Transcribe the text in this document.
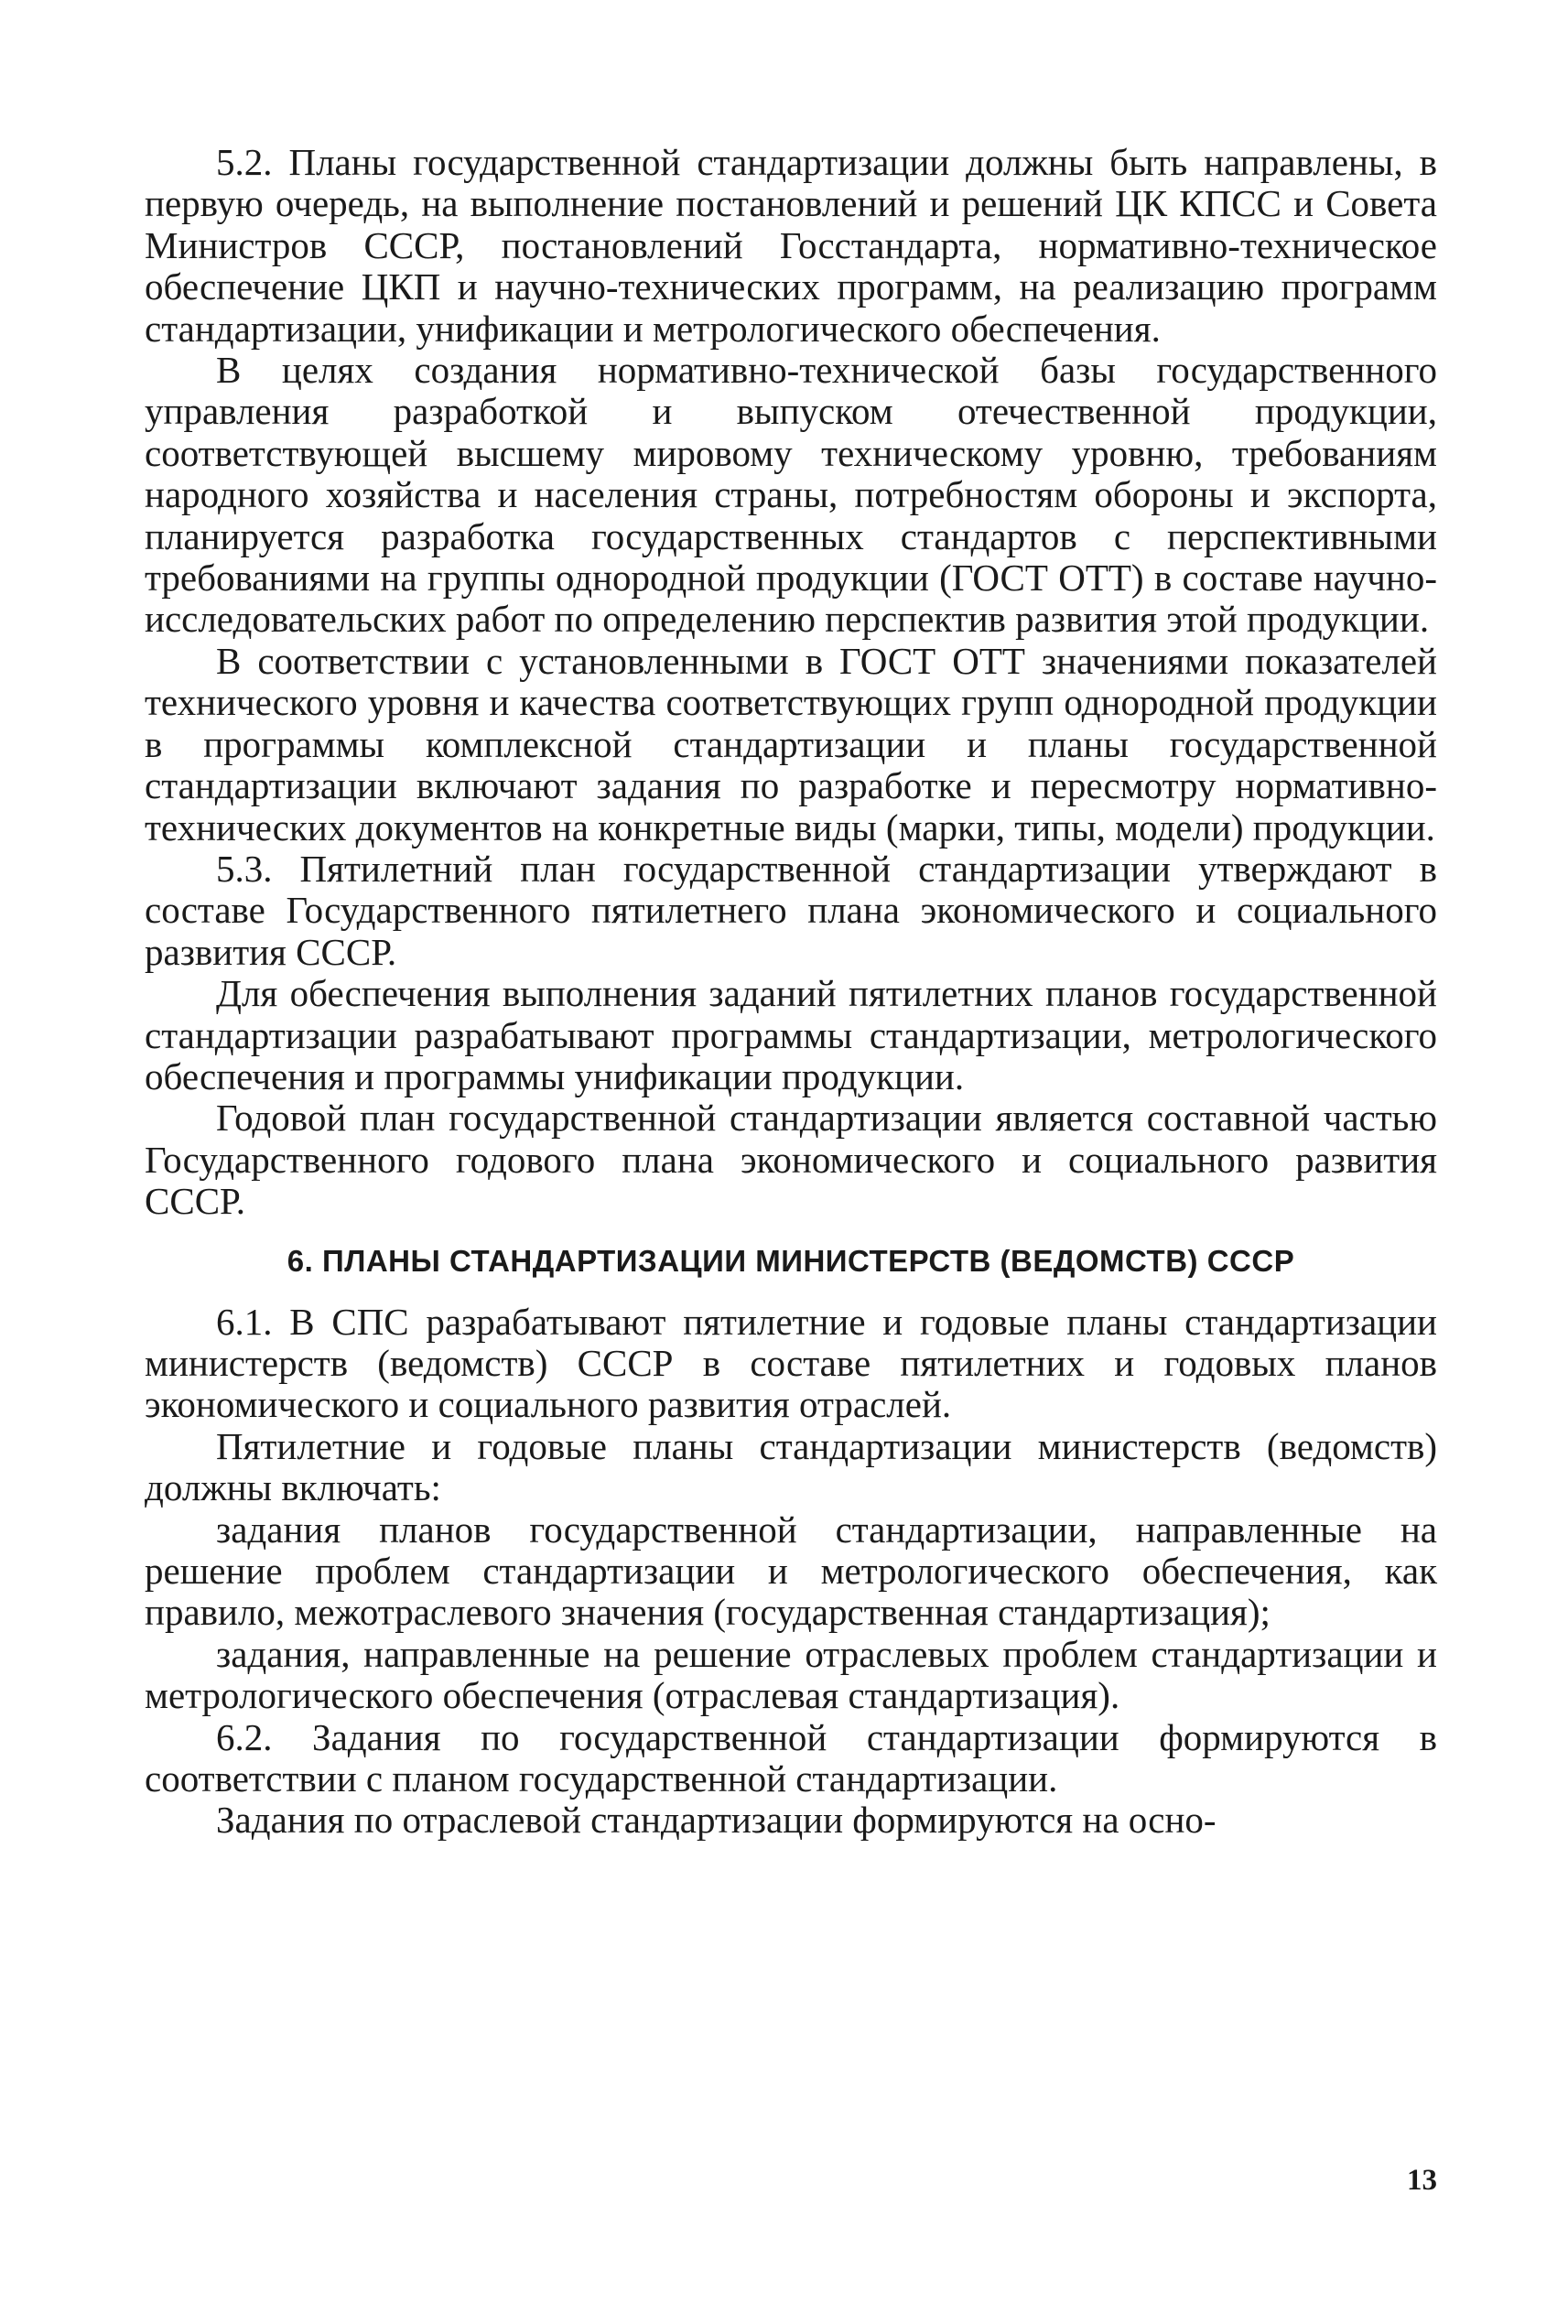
5.2. Планы государственной стандартизации должны быть направлены, в первую очередь, на выполнение постановлений и решений ЦК КПСС и Совета Министров СССР, постановлений Госстандарта, нормативно-техническое обеспечение ЦКП и научно-технических программ, на реализацию программ стандартизации, унификации и метрологического обеспечения.

В целях создания нормативно-технической базы государственного управления разработкой и выпуском отечественной продукции, соответствующей высшему мировому техническому уровню, требованиям народного хозяйства и населения страны, потребностям обороны и экспорта, планируется разработка государственных стандартов с перспективными требованиями на группы однородной продукции (ГОСТ ОТТ) в составе научно-исследовательских работ по определению перспектив развития этой продукции.

В соответствии с установленными в ГОСТ ОТТ значениями показателей технического уровня и качества соответствующих групп однородной продукции в программы комплексной стандартизации и планы государственной стандартизации включают задания по разработке и пересмотру нормативно-технических документов на конкретные виды (марки, типы, модели) продукции.

5.3. Пятилетний план государственной стандартизации утверждают в составе Государственного пятилетнего плана экономического и социального развития СССР.

Для обеспечения выполнения заданий пятилетних планов государственной стандартизации разрабатывают программы стандартизации, метрологического обеспечения и программы унификации продукции.

Годовой план государственной стандартизации является составной частью Государственного годового плана экономического и социального развития СССР.

6. ПЛАНЫ СТАНДАРТИЗАЦИИ МИНИСТЕРСТВ (ВЕДОМСТВ) СССР

6.1. В СПС разрабатывают пятилетние и годовые планы стандартизации министерств (ведомств) СССР в составе пятилетних и годовых планов экономического и социального развития отраслей.

Пятилетние и годовые планы стандартизации министерств (ведомств) должны включать:

задания планов государственной стандартизации, направленные на решение проблем стандартизации и метрологического обеспечения, как правило, межотраслевого значения (государственная стандартизация);

задания, направленные на решение отраслевых проблем стандартизации и метрологического обеспечения (отраслевая стандартизация).

6.2. Задания по государственной стандартизации формируются в соответствии с планом государственной стандартизации.

Задания по отраслевой стандартизации формируются на осно-

13
